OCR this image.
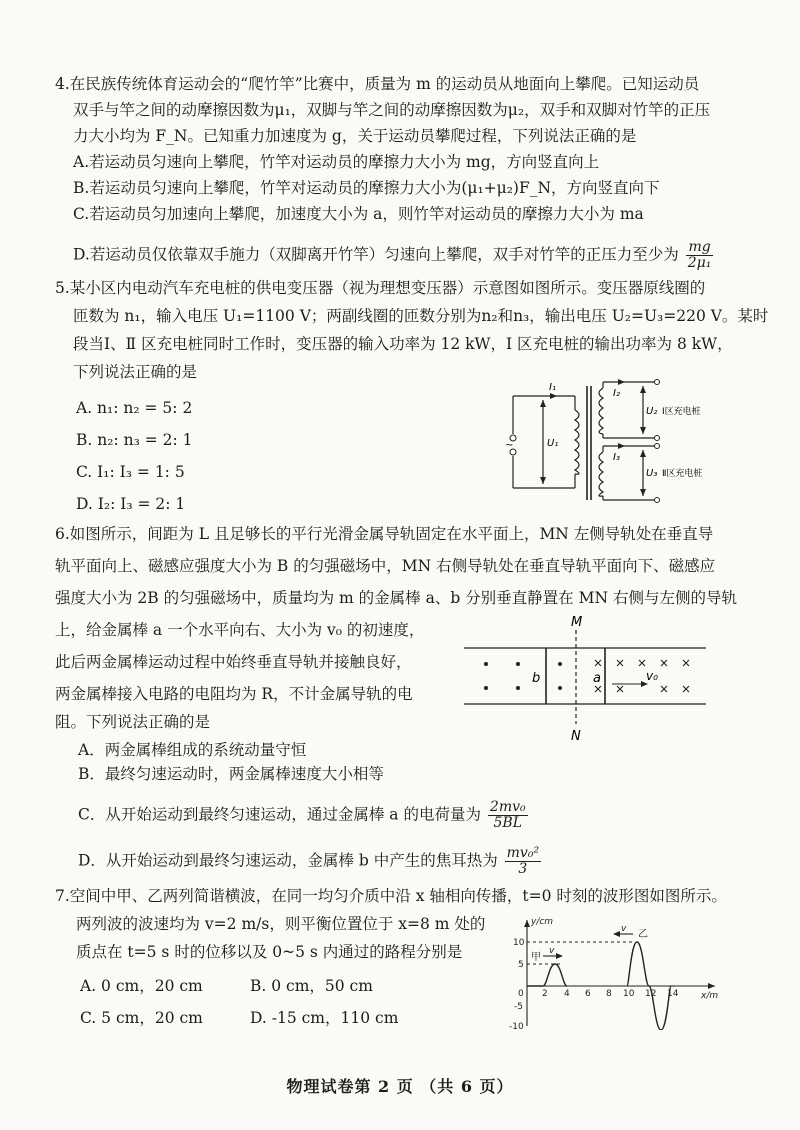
4.在民族传统体育运动会的“爬竹竿”比赛中，质量为 m 的运动员从地面向上攀爬。已知运动员
双手与竿之间的动摩擦因数为μ₁，双脚与竿之间的动摩擦因数为μ₂，双手和双脚对竹竿的正压
力大小均为 F_N。已知重力加速度为 g，关于运动员攀爬过程，下列说法正确的是
A.若运动员匀速向上攀爬，竹竿对运动员的摩擦力大小为 mg，方向竖直向上
B.若运动员匀速向上攀爬，竹竿对运动员的摩擦力大小为(μ₁+μ₂)F_N，方向竖直向下
C.若运动员匀加速向上攀爬，加速度大小为 a，则竹竿对运动员的摩擦力大小为 ma
D.若运动员仅依靠双手施力（双脚离开竹竿）匀速向上攀爬，双手对竹竿的正压力至少为 $\frac{mg}{\text{2μ₁}}$
5.某小区内电动汽车充电桩的供电变压器（视为理想变压器）示意图如图所示。变压器原线圈的
匝数为 n₁，输入电压 U₁=1100 V；两副线圈的匝数分别为n₂和n₃，输出电压 U₂=U₃=220 V。某时
段当Ⅰ、Ⅱ 区充电桩同时工作时，变压器的输入功率为 12 kW，Ⅰ 区充电桩的输出功率为 8 kW，
下列说法正确的是
A. n₁: n₂ = 5: 2
B. n₂: n₃ = 2: 1
C. I₁: I₃ = 1: 5
D. I₂: I₃ = 2: 1
~
I₁
U₁
I₂
I₃
U₂
U₃
Ⅰ区充电桩
Ⅱ区充电桩
6.如图所示，间距为 L 且足够长的平行光滑金属导轨固定在水平面上，MN 左侧导轨处在垂直导
轨平面向上、磁感应强度大小为 B 的匀强磁场中，MN 右侧导轨处在垂直导轨平面向下、磁感应
强度大小为 2B 的匀强磁场中，质量均为 m 的金属棒 a、b 分别垂直静置在 MN 右侧与左侧的导轨
上，给金属棒 a 一个水平向右、大小为 v₀ 的初速度，
此后两金属棒运动过程中始终垂直导轨并接触良好，
两金属棒接入电路的电阻均为 R，不计金属导轨的电
阻。下列说法正确的是
A．两金属棒组成的系统动量守恒
B．最终匀速运动时，两金属棒速度大小相等
C．从开始运动到最终匀速运动，通过金属棒 a 的电荷量为 $\frac{\text{2mv₀}}{5BL}$
D．从开始运动到最终匀速运动，金属棒 b 中产生的焦耳热为 $\frac{\text{mv₀²}}{3}$
M
N
b	a	v₀
7.空间中甲、乙两列简谐横波，在同一均匀介质中沿 x 轴相向传播，t=0 时刻的波形图如图所示。
两列波的波速均为 v=2 m/s，则平衡位置位于 x=8 m 处的
质点在 t=5 s 时的位移以及 0~5 s 内通过的路程分别是
A. 0 cm，20 cm	B. 0 cm，50 cm
C. 5 cm，20 cm	D. -15 cm，110 cm
y/cm
x/m
10
5
0
-5
-10
2 4 6 8 10 12 14
甲
乙
v
v
物理试卷第 2 页 （共 6 页）
